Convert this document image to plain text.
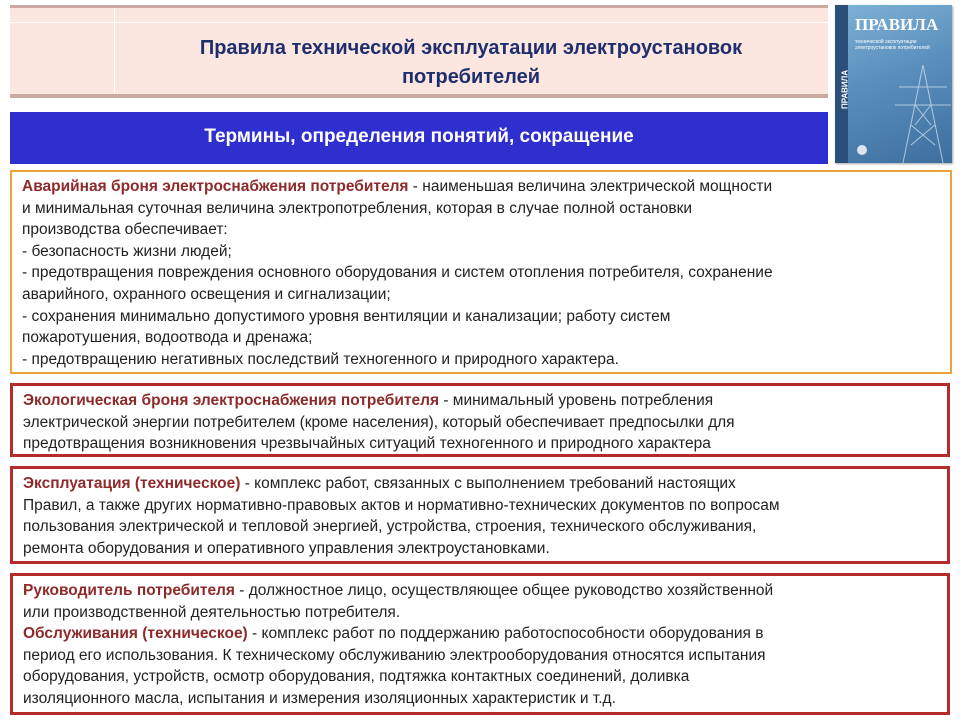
Правила технической эксплуатации электроустановок
потребителей
Термины, определения понятий, сокращение
ПРАВИЛА
ПРАВИЛА
технической эксплуатации электроустановок потребителей
Аварийная броня электроснабжения потребителя - наименьшая величина электрической мощности
и минимальная суточная величина электропотребления, которая в случае полной остановки
производства обеспечивает:
- безопасность жизни людей;
- предотвращения повреждения основного оборудования и систем отопления потребителя, сохранение
аварийного, охранного освещения и сигнализации;
- сохранения минимально допустимого уровня вентиляции и канализации; работу систем
пожаротушения, водоотвода и дренажа;
- предотвращению негативных последствий техногенного и природного характера.
Экологическая броня электроснабжения потребителя - минимальный уровень потребления
электрической энергии потребителем (кроме населения), который обеспечивает предпосылки для
предотвращения возникновения чрезвычайных ситуаций техногенного и природного характера
Эксплуатация (техническое) - комплекс работ, связанных с выполнением требований настоящих
Правил, а также других нормативно-правовых актов и нормативно-технических документов по вопросам
пользования электрической и тепловой энергией, устройства, строения, технического обслуживания,
ремонта оборудования и оперативного управления электроустановками.
Руководитель потребителя - должностное лицо, осуществляющее общее руководство хозяйственной
или производственной деятельностью потребителя.
Обслуживания (техническое) - комплекс работ по поддержанию работоспособности оборудования в
период его использования. К техническому обслуживанию электрооборудования относятся испытания
оборудования, устройств, осмотр оборудования, подтяжка контактных соединений, доливка
изоляционного масла, испытания и измерения изоляционных характеристик и т.д.
